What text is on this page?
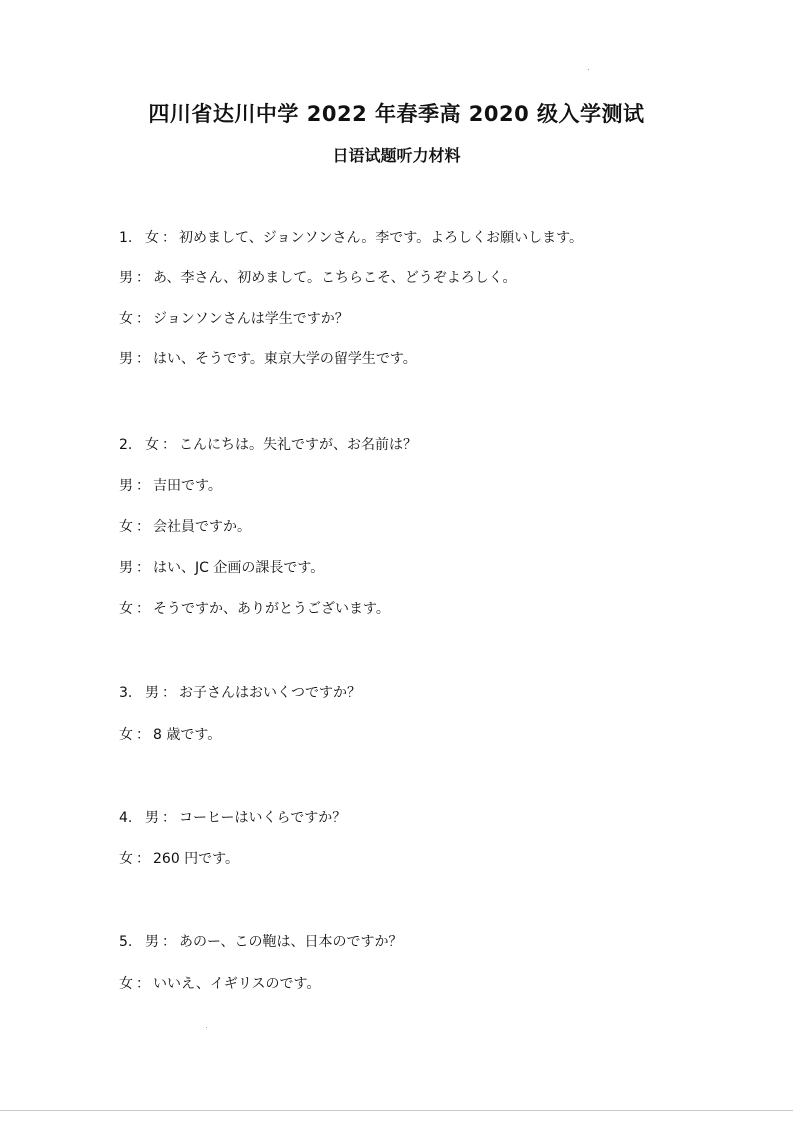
四川省达川中学 2022 年春季高 2020 级入学测试
日语试题听力材料
1. 女 ： 初めまして、ジョンソンさん。李です。よろしくお願いします。
男 ： あ、李さん、初めまして。こちらこそ、どうぞよろしく。
女 ： ジョンソンさんは学生ですか？
男 ： はい、そうです。東京大学の留学生です。
2. 女 ： こんにちは。失礼ですが、お名前は？
男 ： 吉田です。
女 ： 会社員ですか。
男 ： はい、JC 企画の課長です。
女 ： そうですか、ありがとうございます。
3. 男 ： お子さんはおいくつですか？
女 ： 8 歳です。
4. 男 ： コーヒーはいくらですか？
女 ： 260 円です。
5. 男 ： あのー、この鞄は、日本のですか？
女 ： いいえ、イギリスのです。
